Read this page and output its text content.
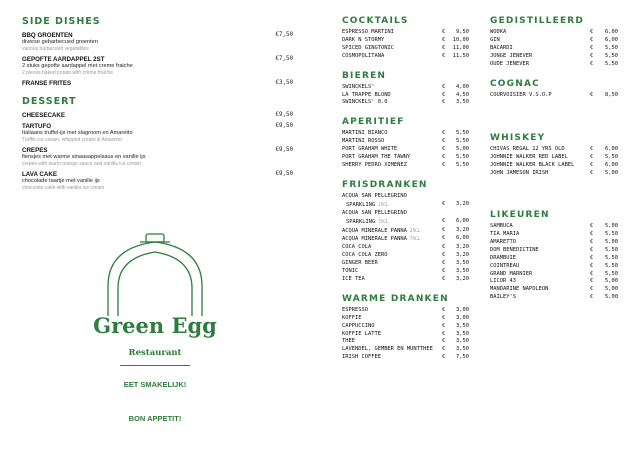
SIDE DISHES
BBQ GROENTEN	€7,50
diverse gebarbecued groenten
various barbecued vegetables
GEPOFTE AARDAPPEL 2ST	€7,50
2 stuks gepofte aardappel met creme fraiche
2 pieces baked potato with crème fraiche
FRANSE FRITES	€3,50
DESSERT
CHEESECAKE	€9,50
TARTUFO	€9,50
Italiaans truffel-ijs met slagroom en Amaretto
Truffle ice cream, whipped cream & Amaretto
CREPES	€9,50
flensjes met warme sinaasappelsaus en vanille ijs
crepes with warm orange sauce and vanilla ice cream
LAVA CAKE	€9,50
chocolade taartje met vanille ijs
chocolate cake with vanilla ice cream
Green Egg
Restaurant
EET SMAKELIJK!
BON APPETIT!
COCKTAILS
ESPRESSO MARTINI	€ 9,50
DARK N STORMY	€ 10,00
SPICED GINGTONIC	€ 11,00
COSMOPOLITANA	€ 11,50
BIEREN
SWINCKELS'	€ 4,00
LA TRAPPE BLOND	€ 4,50
SWINCKELS' 0.0	€ 3,50
APERITIEF
MARTINI BIANCO	€ 5,50
MARTINI ROSSO	€ 5,50
PORT GRAHAM WHITE	€ 5,00
PORT GRAHAM THE TAWNY	€ 5,50
SHERRY PEDRO XIMENEZ	€ 5,50
FRISDRANKEN
ACQUA SAN PELLEGRINO
SPARKLING 25CL	€ 3,20
ACQUA SAN PELLEGRINO
SPARKLING 75CL	€ 6,00
ACQUA MINERALE PANNA 25CL	€ 3,20
ACQUA MINERALE PANNA 75CL	€ 6,00
COCA COLA	€ 3,20
COCA COLA ZERO	€ 3,20
GINGER BEER	€ 3,50
TONIC	€ 3,50
ICE TEA	€ 3,20
WARME DRANKEN
ESPRESSO	€ 3,00
KOFFIE	€ 3,00
CAPPUCCINO	€ 3,50
KOFFIE LATTE	€ 3,50
THEE	€ 3,50
LAVENDEL, GEMBER EN MUNTTHEE € 3,50
IRISH COFFEE	€ 7,50
GEDISTILLEERD
WODKA	€ 6,00
GIN	€ 6,00
BACARDI	€ 5,50
JONGE JENEVER	€ 5,50
OUDE JENEVER	€ 5,50
COGNAC
COURVOISIER V.S.O.P	€ 8,50
WHISKEY
CHIVAS REGAL 12 YRS OLD	€ 6,00
JOHNNIE WALKER RED LABEL	€ 5,50
JOHNNIE WALKER BLACK LABEL	€ 6,00
JOHN JAMESON IRISH	€ 5,00
LIKEUREN
SAMBUCA	€ 5,00
TIA MARIA	€ 5,50
AMARETTO	€ 5,00
DOM BENEDICTINE	€ 5,50
DRAMBUIE	€ 5,50
COINTREAU	€ 5,50
GRAND MARNIER	€ 5,50
LICOR 43	€ 5,00
MANDARINE NAPOLEON	€ 5,00
BAILEY'S	€ 5,00
